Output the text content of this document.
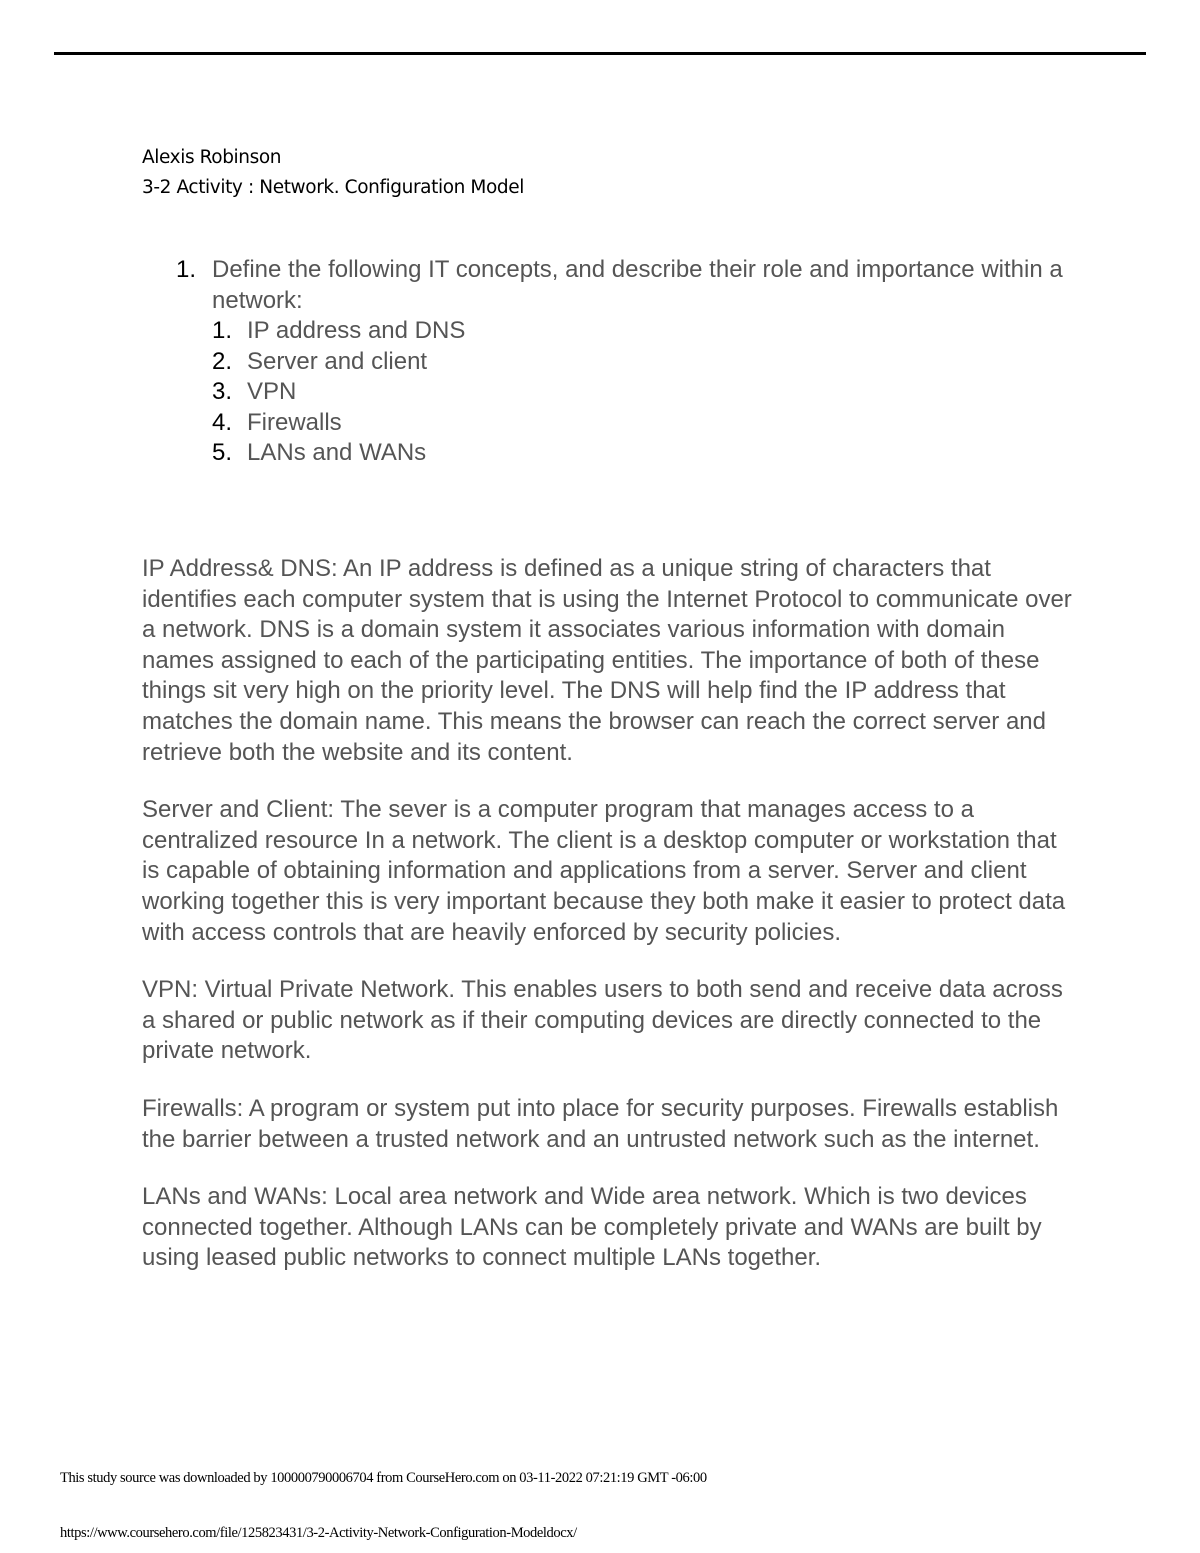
Alexis Robinson
3-2 Activity : Network. Configuration Model
1. Define the following IT concepts, and describe their role and importance within a network:
1. IP address and DNS
2. Server and client
3. VPN
4. Firewalls
5. LANs and WANs

IP Address& DNS: An IP address is defined as a unique string of characters that identifies each computer system that is using the Internet Protocol to communicate over a network. DNS is a domain system it associates various information with domain names assigned to each of the participating entities. The importance of both of these things sit very high on the priority level. The DNS will help find the IP address that matches the domain name. This means the browser can reach the correct server and retrieve both the website and its content.

Server and Client: The sever is a computer program that manages access to a centralized resource In a network. The client is a desktop computer or workstation that is capable of obtaining information and applications from a server. Server and client working together this is very important because they both make it easier to protect data with access controls that are heavily enforced by security policies.

VPN: Virtual Private Network. This enables users to both send and receive data across a shared or public network as if their computing devices are directly connected to the private network.

Firewalls: A program or system put into place for security purposes. Firewalls establish the barrier between a trusted network and an untrusted network such as the internet.

LANs and WANs: Local area network and Wide area network. Which is two devices connected together. Although LANs can be completely private and WANs are built by using leased public networks to connect multiple LANs together.

This study source was downloaded by 100000790006704 from CourseHero.com on 03-11-2022 07:21:19 GMT -06:00
https://www.coursehero.com/file/125823431/3-2-Activity-Network-Configuration-Modeldocx/
